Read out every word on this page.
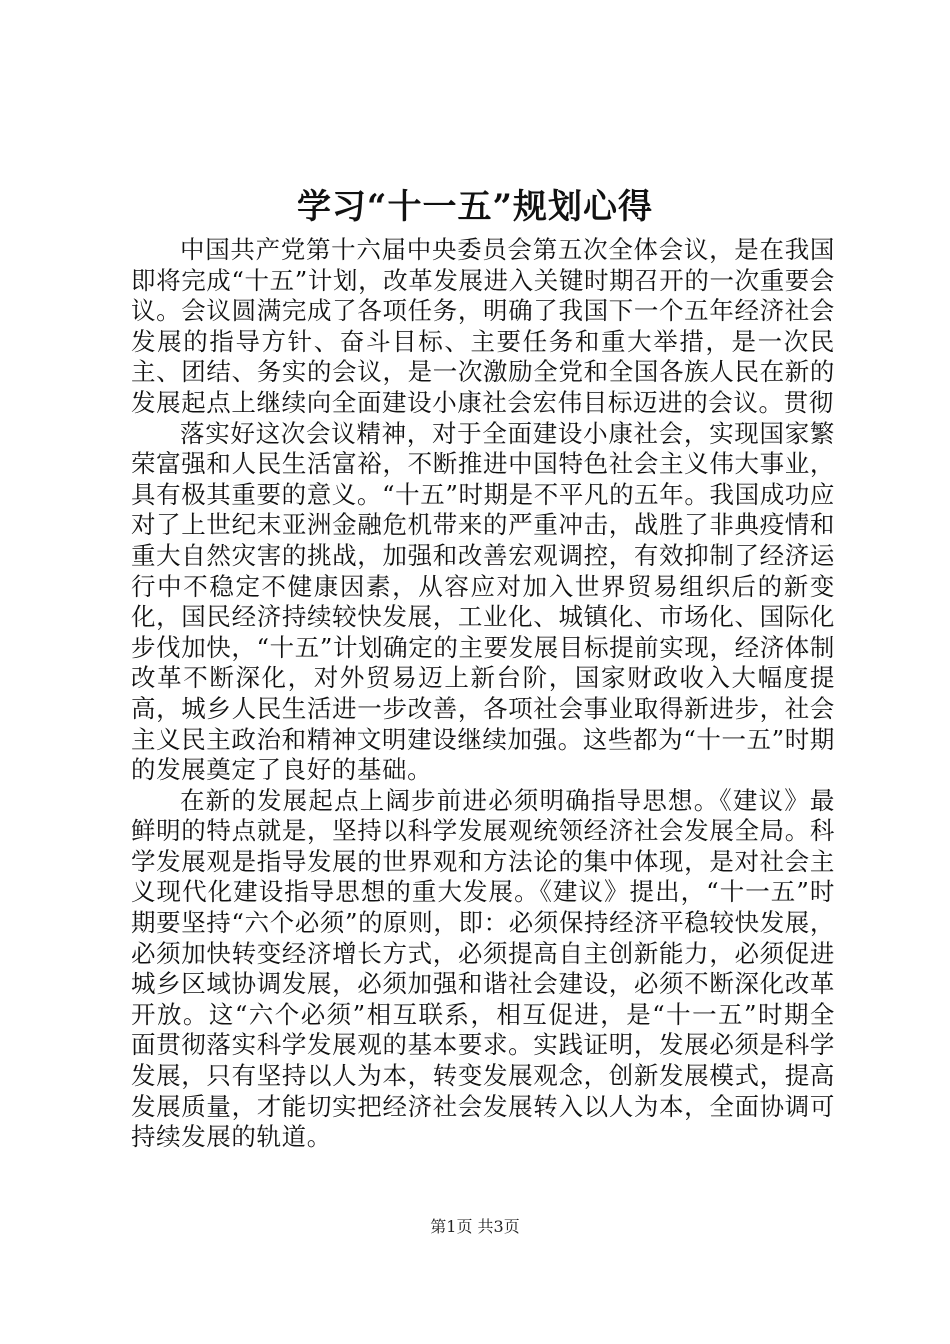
学习“十一五”规划心得

中国共产党第十六届中央委员会第五次全体会议，是在我国即将完成“十五”计划，改革发展进入关键时期召开的一次重要会议。会议圆满完成了各项任务，明确了我国下一个五年经济社会发展的指导方针、奋斗目标、主要任务和重大举措，是一次民主、团结、务实的会议，是一次激励全党和全国各族人民在新的发展起点上继续向全面建设小康社会宏伟目标迈进的会议。贯彻

落实好这次会议精神，对于全面建设小康社会，实现国家繁荣富强和人民生活富裕，不断推进中国特色社会主义伟大事业，具有极其重要的意义。“十五”时期是不平凡的五年。我国成功应对了上世纪末亚洲金融危机带来的严重冲击，战胜了非典疫情和重大自然灾害的挑战，加强和改善宏观调控，有效抑制了经济运行中不稳定不健康因素，从容应对加入世界贸易组织后的新变化，国民经济持续较快发展，工业化、城镇化、市场化、国际化步伐加快，“十五”计划确定的主要发展目标提前实现，经济体制改革不断深化，对外贸易迈上新台阶，国家财政收入大幅度提高，城乡人民生活进一步改善，各项社会事业取得新进步，社会主义民主政治和精神文明建设继续加强。这些都为“十一五”时期的发展奠定了良好的基础。

在新的发展起点上阔步前进必须明确指导思想。《建议》最鲜明的特点就是，坚持以科学发展观统领经济社会发展全局。科学发展观是指导发展的世界观和方法论的集中体现，是对社会主义现代化建设指导思想的重大发展。《建议》提出，“十一五”时期要坚持“六个必须”的原则，即：必须保持经济平稳较快发展，必须加快转变经济增长方式，必须提高自主创新能力，必须促进城乡区域协调发展，必须加强和谐社会建设，必须不断深化改革开放。这“六个必须”相互联系，相互促进，是“十一五”时期全面贯彻落实科学发展观的基本要求。实践证明，发展必须是科学发展，只有坚持以人为本，转变发展观念，创新发展模式，提高发展质量，才能切实把经济社会发展转入以人为本，全面协调可持续发展的轨道。

第1页 共3页
